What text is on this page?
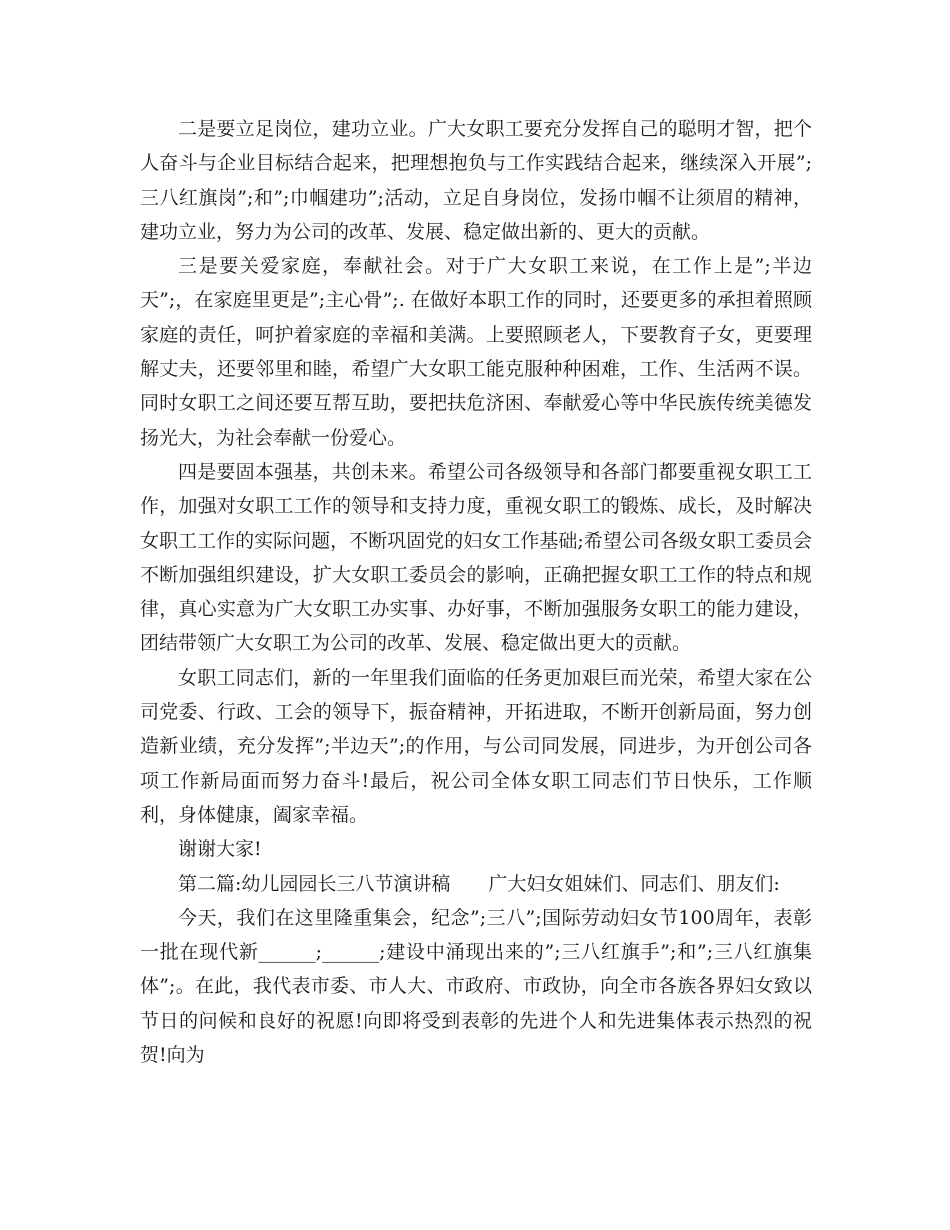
二是要立足岗位，建功立业。广大女职工要充分发挥自己的聪明才智，把个人奋斗与企业目标结合起来，把理想抱负与工作实践结合起来，继续深入开展”;三八红旗岗”;和”;巾帼建功”;活动，立足自身岗位，发扬巾帼不让须眉的精神，建功立业，努力为公司的改革、发展、稳定做出新的、更大的贡献。

三是要关爱家庭，奉献社会。对于广大女职工来说，在工作上是”;半边天”;，在家庭里更是”;主心骨”;. 在做好本职工作的同时，还要更多的承担着照顾家庭的责任，呵护着家庭的幸福和美满。上要照顾老人，下要教育子女，更要理解丈夫，还要邻里和睦，希望广大女职工能克服种种困难，工作、生活两不误。同时女职工之间还要互帮互助，要把扶危济困、奉献爱心等中华民族传统美德发扬光大，为社会奉献一份爱心。

四是要固本强基，共创未来。希望公司各级领导和各部门都要重视女职工工作，加强对女职工工作的领导和支持力度，重视女职工的锻炼、成长，及时解决女职工工作的实际问题，不断巩固党的妇女工作基础;希望公司各级女职工委员会不断加强组织建设，扩大女职工委员会的影响，正确把握女职工工作的特点和规律，真心实意为广大女职工办实事、办好事，不断加强服务女职工的能力建设，团结带领广大女职工为公司的改革、发展、稳定做出更大的贡献。

女职工同志们，新的一年里我们面临的任务更加艰巨而光荣，希望大家在公司党委、行政、工会的领导下，振奋精神，开拓进取，不断开创新局面，努力创造新业绩，充分发挥”;半边天”;的作用，与公司同发展，同进步，为开创公司各项工作新局面而努力奋斗!最后，祝公司全体女职工同志们节日快乐，工作顺利，身体健康，阖家幸福。

谢谢大家!

第二篇:幼儿园园长三八节演讲稿　　广大妇女姐妹们、同志们、朋友们:

今天，我们在这里隆重集会，纪念”;三八”;国际劳动妇女节100周年，表彰一批在现代新______;______;建设中涌现出来的”;三八红旗手”;和”;三八红旗集体”;。在此，我代表市委、市人大、市政府、市政协，向全市各族各界妇女致以节日的问候和良好的祝愿!向即将受到表彰的先进个人和先进集体表示热烈的祝贺!向为
